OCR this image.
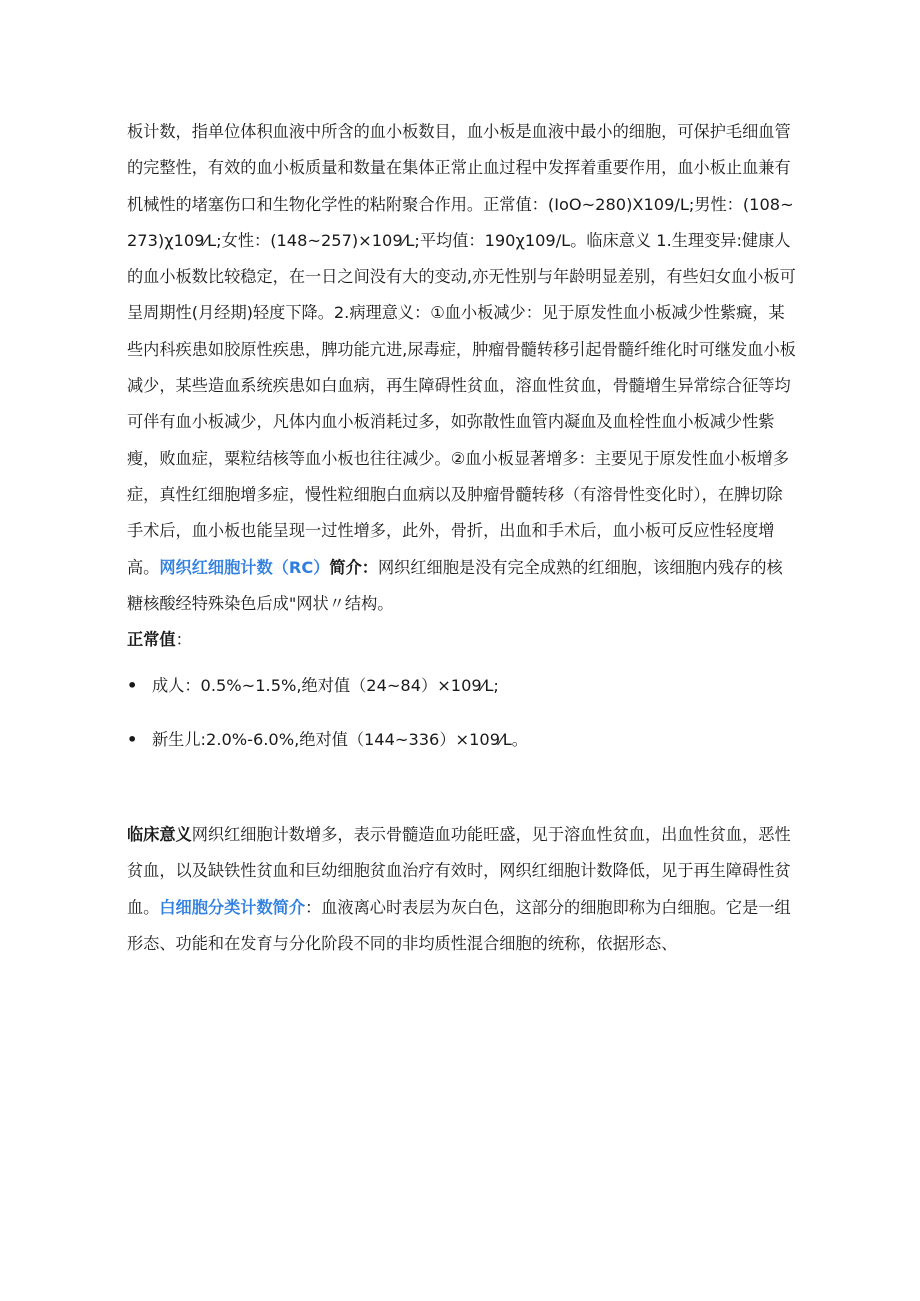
板计数，指单位体积血液中所含的血小板数目，血小板是血液中最小的细胞，可保护毛细血管的完整性，有效的血小板质量和数量在集体正常止血过程中发挥着重要作用，血小板止血兼有机械性的堵塞伤口和生物化学性的粘附聚合作用。正常值：(IoO~280)X109/L;男性：(108~273)χ109⁄L;女性：(148~257)×109⁄L;平均值：190χ109/L。临床意义 1.生理变异:健康人的血小板数比较稳定，在一日之间没有大的变动,亦无性别与年龄明显差别，有些妇女血小板可呈周期性(月经期)轻度下降。2.病理意义：①血小板减少：见于原发性血小板减少性紫癍，某些内科疾患如胶原性疾患，脾功能亢进,尿毒症，肿瘤骨髓转移引起骨髓纤维化时可继发血小板减少，某些造血系统疾患如白血病，再生障碍性贫血，溶血性贫血，骨髓增生异常综合征等均可伴有血小板减少，凡体内血小板消耗过多，如弥散性血管内凝血及血栓性血小板减少性紫瘦，败血症，粟粒结核等血小板也往往减少。②血小板显著增多：主要见于原发性血小板增多症，真性红细胞增多症，慢性粒细胞白血病以及肿瘤骨髓转移（有溶骨性变化时），在脾切除手术后，血小板也能呈现一过性增多，此外，骨折，出血和手术后，血小板可反应性轻度增高。网织红细胞计数（RC）简介：网织红细胞是没有完全成熟的红细胞，该细胞内残存的核糖核酸经特殊染色后成"网状〃结构。

正常值：

• 成人：0.5%~1.5%,绝对值（24~84）×109⁄L;
• 新生儿:2.0%-6.0%,绝对值（144~336）×109⁄L。

临床意义网织红细胞计数增多，表示骨髓造血功能旺盛，见于溶血性贫血，出血性贫血，恶性贫血，以及缺铁性贫血和巨幼细胞贫血治疗有效时，网织红细胞计数降低，见于再生障碍性贫血。白细胞分类计数简介：血液离心时表层为灰白色，这部分的细胞即称为白细胞。它是一组形态、功能和在发育与分化阶段不同的非均质性混合细胞的统称，依据形态、
